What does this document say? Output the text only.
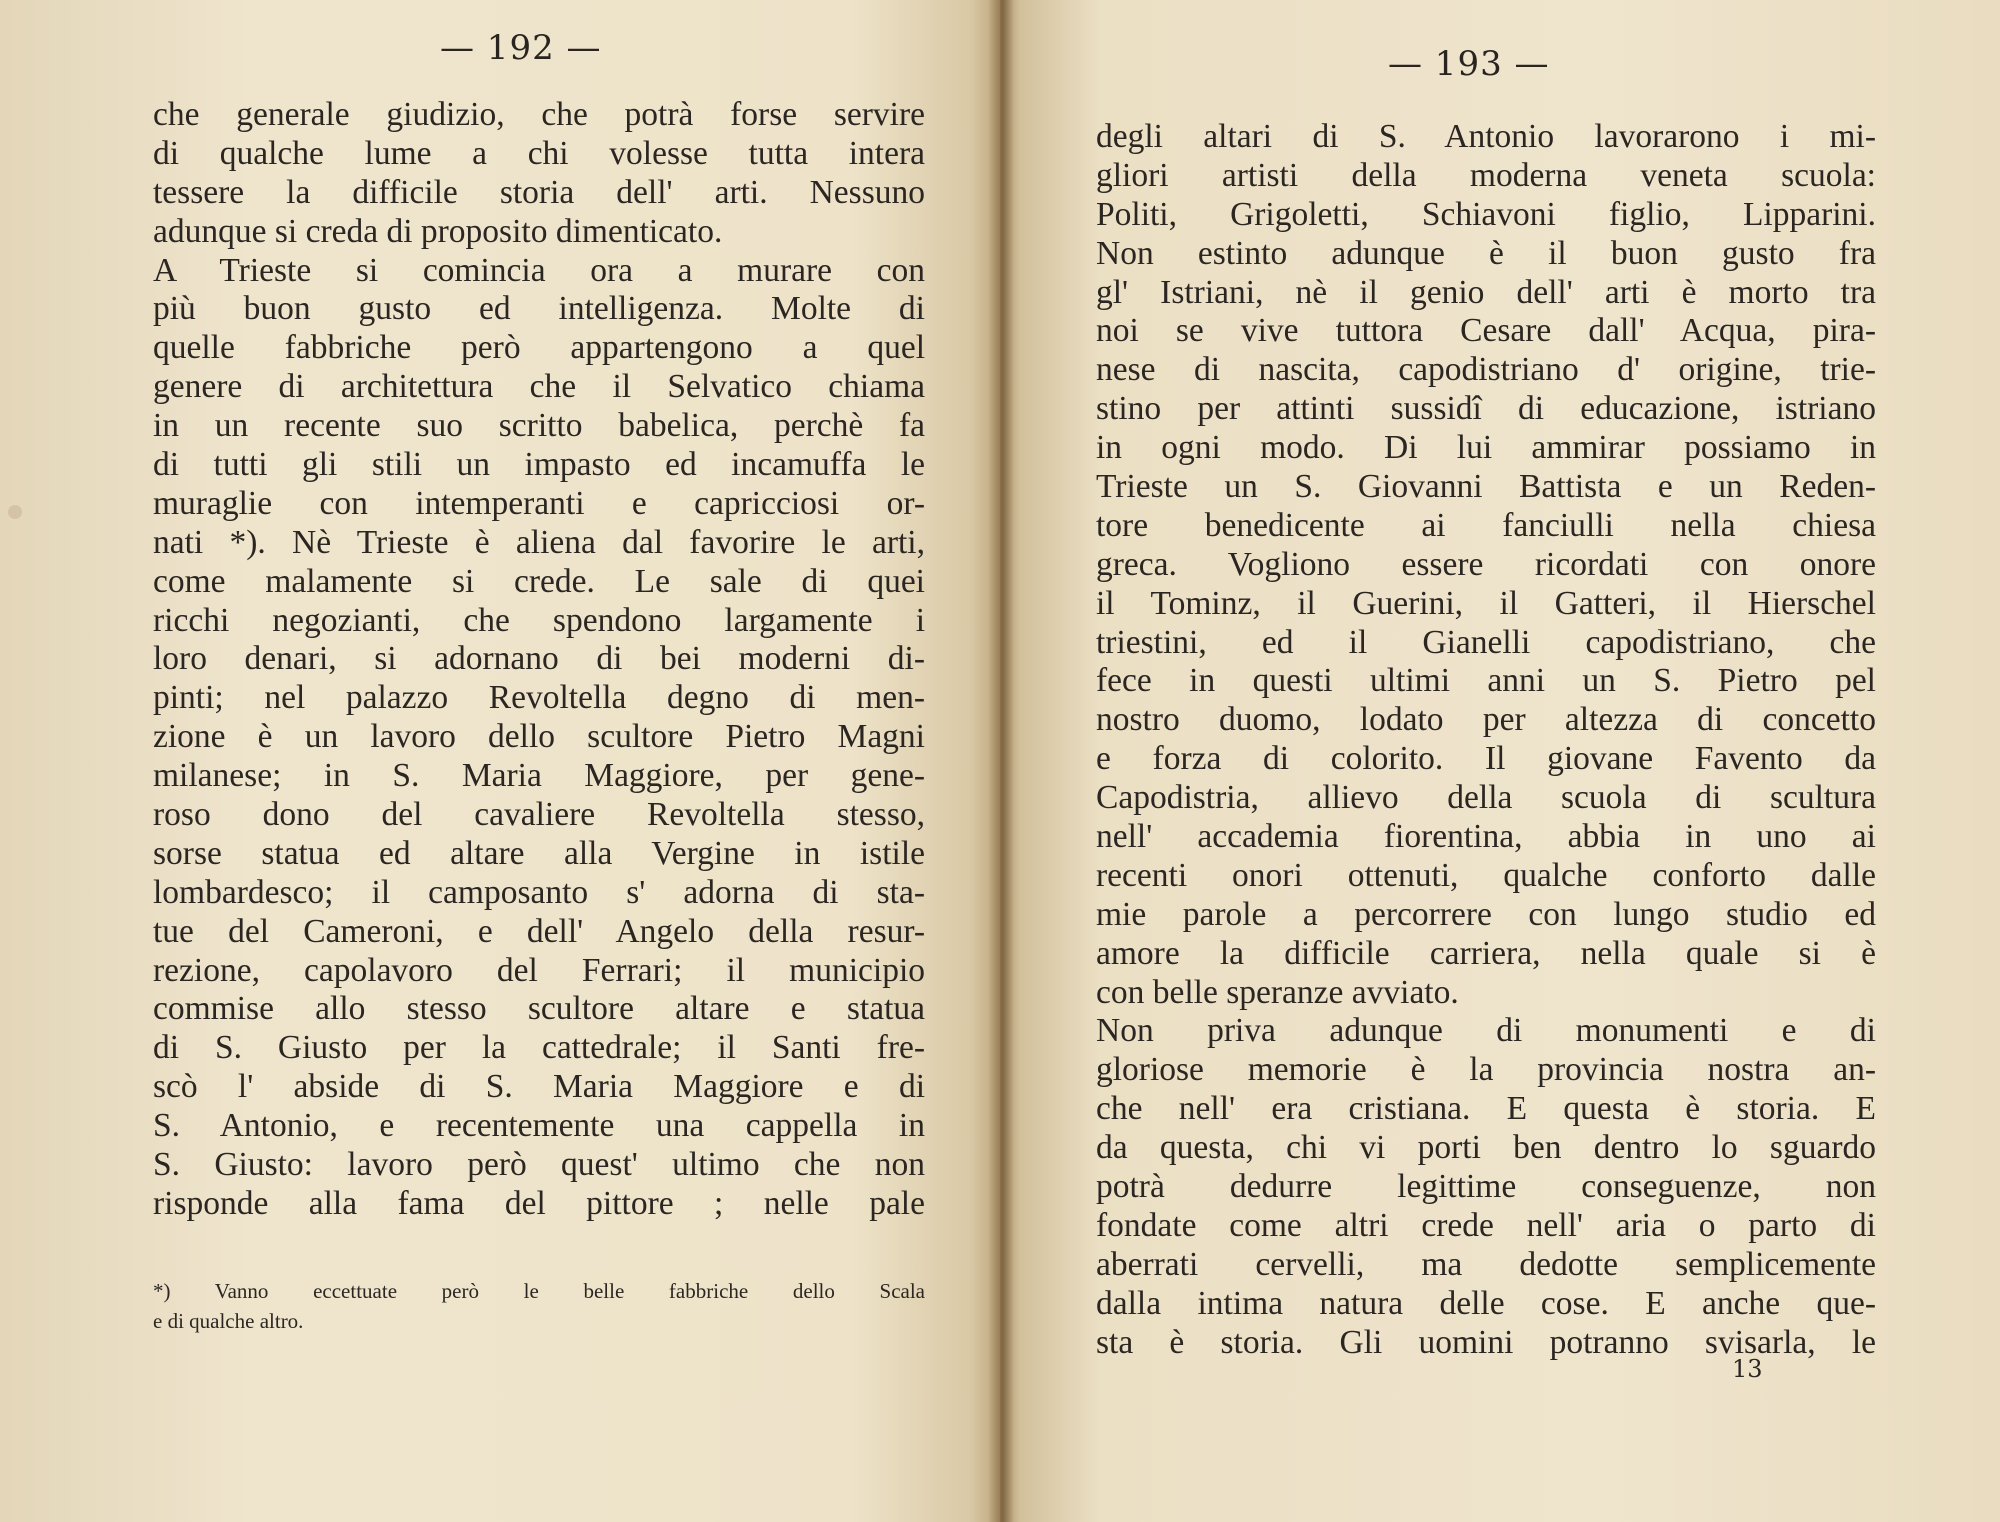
— 192 —
che generale giudizio, che potrà forse servire
di qualche lume a chi volesse tutta intera
tessere la difficile storia dell' arti. Nessuno
adunque si creda di proposito dimenticato.
A Trieste si comincia ora a murare con
più buon gusto ed intelligenza. Molte di
quelle fabbriche però appartengono a quel
genere di architettura che il Selvatico chiama
in un recente suo scritto babelica, perchè fa
di tutti gli stili un impasto ed incamuffa le
muraglie con intemperanti e capricciosi or-
nati *). Nè Trieste è aliena dal favorire le arti,
come malamente si crede. Le sale di quei
ricchi negozianti, che spendono largamente i
loro denari, si adornano di bei moderni di-
pinti; nel palazzo Revoltella degno di men-
zione è un lavoro dello scultore Pietro Magni
milanese; in S. Maria Maggiore, per gene-
roso dono del cavaliere Revoltella stesso,
sorse statua ed altare alla Vergine in istile
lombardesco; il camposanto s' adorna di sta-
tue del Cameroni, e dell' Angelo della resur-
rezione, capolavoro del Ferrari; il municipio
commise allo stesso scultore altare e statua
di S. Giusto per la cattedrale; il Santi fre-
scò l' abside di S. Maria Maggiore e di
S. Antonio, e recentemente una cappella in
S. Giusto: lavoro però quest' ultimo che non
risponde alla fama del pittore ; nelle pale
*) Vanno eccettuate però le belle fabbriche dello Scala
e di qualche altro.
— 193 —
degli altari di S. Antonio lavorarono i mi-
gliori artisti della moderna veneta scuola:
Politi, Grigoletti, Schiavoni figlio, Lipparini.
Non estinto adunque è il buon gusto fra
gl' Istriani, nè il genio dell' arti è morto tra
noi se vive tuttora Cesare dall' Acqua, pira-
nese di nascita, capodistriano d' origine, trie-
stino per attinti sussidî di educazione, istriano
in ogni modo. Di lui ammirar possiamo in
Trieste un S. Giovanni Battista e un Reden-
tore benedicente ai fanciulli nella chiesa
greca. Vogliono essere ricordati con onore
il Tominz, il Guerini, il Gatteri, il Hierschel
triestini, ed il Gianelli capodistriano, che
fece in questi ultimi anni un S. Pietro pel
nostro duomo, lodato per altezza di concetto
e forza di colorito. Il giovane Favento da
Capodistria, allievo della scuola di scultura
nell' accademia fiorentina, abbia in uno ai
recenti onori ottenuti, qualche conforto dalle
mie parole a percorrere con lungo studio ed
amore la difficile carriera, nella quale si è
con belle speranze avviato.
Non priva adunque di monumenti e di
gloriose memorie è la provincia nostra an-
che nell' era cristiana. E questa è storia. E
da questa, chi vi porti ben dentro lo sguardo
potrà dedurre legittime conseguenze, non
fondate come altri crede nell' aria o parto di
aberrati cervelli, ma dedotte semplicemente
dalla intima natura delle cose. E anche que-
sta è storia. Gli uomini potranno svisarla, le
13
